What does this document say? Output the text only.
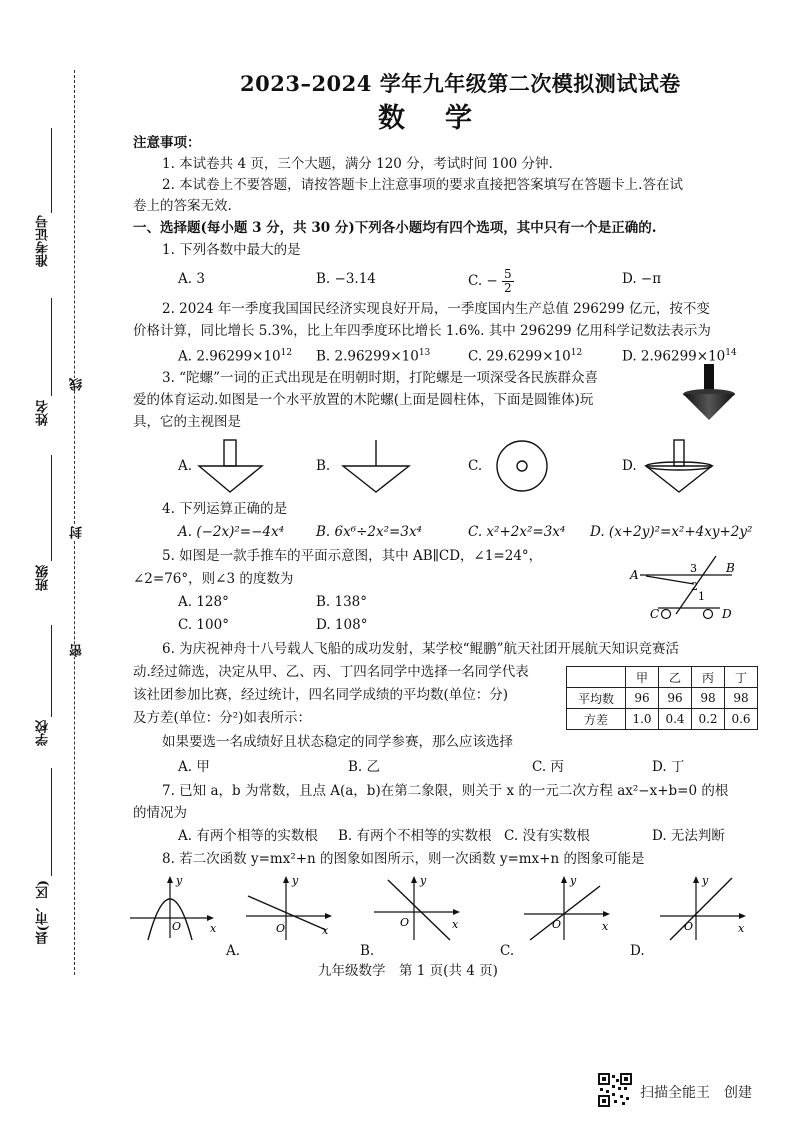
准考证号
姓名
班级
学校
县(市、区)
线
封
密
2023–2024 学年九年级第二次模拟测试试卷
数学
注意事项：
1. 本试卷共 4 页，三个大题，满分 120 分，考试时间 100 分钟.
2. 本试卷上不要答题，请按答题卡上注意事项的要求直接把答案填写在答题卡上.答在试
卷上的答案无效.
一、选择题(每小题 3 分，共 30 分)下列各小题均有四个选项，其中只有一个是正确的.
1. 下列各数中最大的是
A. 3	B. −3.14	C. − $\frac{5}{2}$	D. −π
2. 2024 年一季度我国国民经济实现良好开局，一季度国内生产总值 296299 亿元，按不变
价格计算，同比增长 5.3%，比上年四季度环比增长 1.6%. 其中 296299 亿用科学记数法表示为
A. $2.96299\times 10^{12}$ B. $2.96299\times 10^{13}$	C. $29.6299\times 10^{12}$	D. $2.96299\times 10^{14}$
3. “陀螺”一词的正式出现是在明朝时期，打陀螺是一项深受各民族群众喜
爱的体育运动.如图是一个水平放置的木陀螺(上面是圆柱体，下面是圆锥体)玩
具，它的主视图是
A.	B.	C.	D.
4. 下列运算正确的是
A. (−2x)²=−4x⁴ B. 6x⁶÷2x²=3x⁴	C. x²+2x²=3x⁴ D. (x+2y)²=x²+4xy+2y²
5. 如图是一款手推车的平面示意图，其中 AB∥CD，∠1=24°，
∠2=76°，则∠3 的度数为
A. 128°	B. 138°
C. 100°	D. 108°
A	B
C	D
1
2
3
6. 为庆祝神舟十八号载人飞船的成功发射，某学校“鲲鹏”航天社团开展航天知识竞赛活
动.经过筛选，决定从甲、乙、丙、丁四名同学中选择一名同学代表
该社团参加比赛，经过统计，四名同学成绩的平均数(单位：分)
及方差(单位：分²)如表所示：
如果要选一名成绩好且状态稳定的同学参赛，那么应该选择
	甲	乙	丙	丁
平均数	96	96	98	98
方差	1.0	0.4	0.2	0.6
A. 甲	B. 乙	C. 丙	D. 丁
7. 已知 a，b 为常数，且点 A(a，b)在第二象限，则关于 x 的一元二次方程 ax²−x+b=0 的根
的情况为
A. 有两个相等的实数根 B. 有两个不相等的实数根 C. 没有实数根	D. 无法判断
8. 若二次函数 y=mx²+n 的图象如图所示，则一次函数 y=mx+n 的图象可能是
y
x
O
A.
y
x
O
B.
y
x
O
C.
y
x
O
D.
y
x
O
九年级数学　第 1 页(共 4 页)
扫描全能王　创建
